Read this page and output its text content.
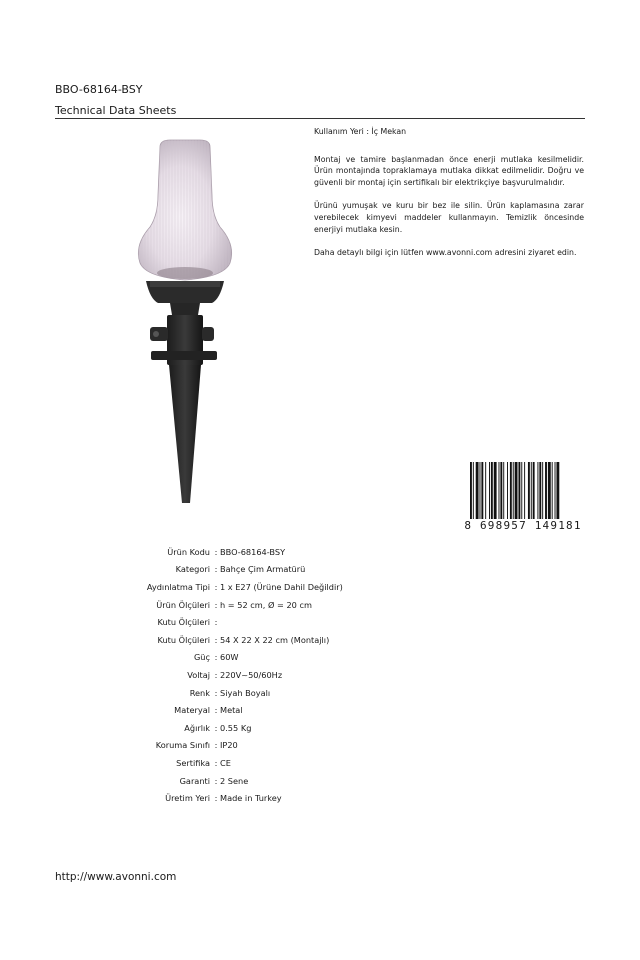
BBO-68164-BSY
Technical Data Sheets

Kullanım Yeri : İç Mekan

Montaj ve tamire başlanmadan önce enerji mutlaka kesilmelidir. Ürün montajında topraklamaya mutlaka dikkat edilmelidir. Doğru ve güvenli bir montaj için sertifikalı bir elektrikçiye başvurulmalıdır.

Ürünü yumuşak ve kuru bir bez ile silin. Ürün kaplamasına zarar verebilecek kimyevi maddeler kullanmayın. Temizlik öncesinde enerjiyi mutlaka kesin.

Daha detaylı bilgi için lütfen www.avonni.com adresini ziyaret edin.

8 698957 149181
Ürün Kodu : BBO-68164-BSY
Kategori : Bahçe Çim Armatürü
Aydınlatma Tipi : 1 x E27 (Ürüne Dahil Değildir)
Ürün Ölçüleri : h = 52 cm, Ø = 20 cm
Kutu Ölçüleri :
Kutu Ölçüleri : 54 X 22 X 22 cm (Montajlı)
Güç : 60W
Voltaj : 220V~50/60Hz
Renk : Siyah Boyalı
Materyal : Metal
Ağırlık : 0.55 Kg
Koruma Sınıfı : IP20
Sertifika : CE
Garanti : 2 Sene
Üretim Yeri : Made in Turkey
http://www.avonni.com
